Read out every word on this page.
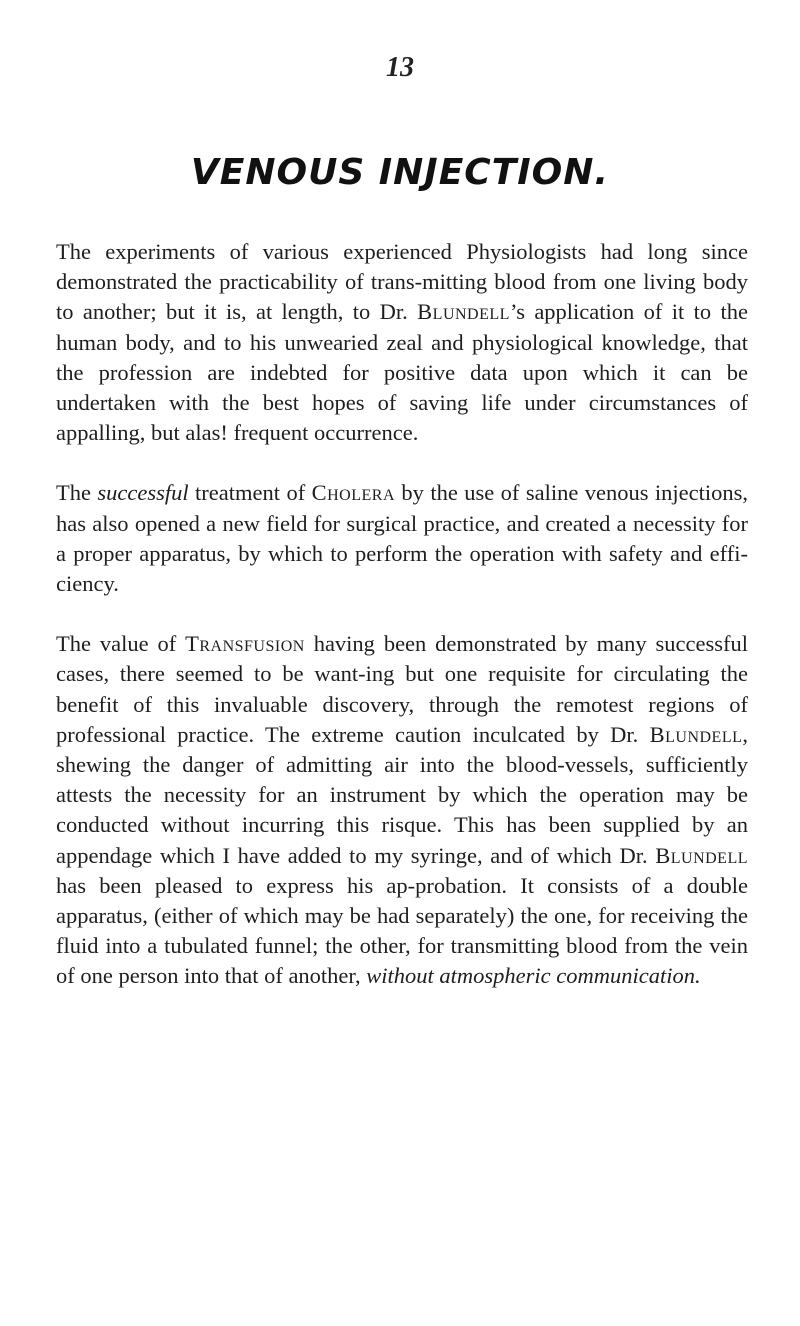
13
VENOUS INJECTION.

The experiments of various experienced Physiologists had long since demonstrated the practicability of trans-mitting blood from one living body to another; but it is, at length, to Dr. Blundell’s application of it to the human body, and to his unwearied zeal and physiological knowledge, that the profession are indebted for positive data upon which it can be undertaken with the best hopes of saving life under circumstances of appalling, but alas! frequent occurrence.

The successful treatment of Cholera by the use of saline venous injections, has also opened a new field for surgical practice, and created a necessity for a proper apparatus, by which to perform the operation with safety and effi-ciency.

The value of Transfusion having been demonstrated by many successful cases, there seemed to be want-ing but one requisite for circulating the benefit of this invaluable discovery, through the remotest regions of professional practice. The extreme caution inculcated by Dr. Blundell, shewing the danger of admitting air into the blood-vessels, sufficiently attests the necessity for an instrument by which the operation may be conducted without incurring this risque. This has been supplied by an appendage which I have added to my syringe, and of which Dr. Blundell has been pleased to express his ap-probation. It consists of a double apparatus, (either of which may be had separately) the one, for receiving the fluid into a tubulated funnel; the other, for transmitting blood from the vein of one person into that of another, without atmospheric communication.
